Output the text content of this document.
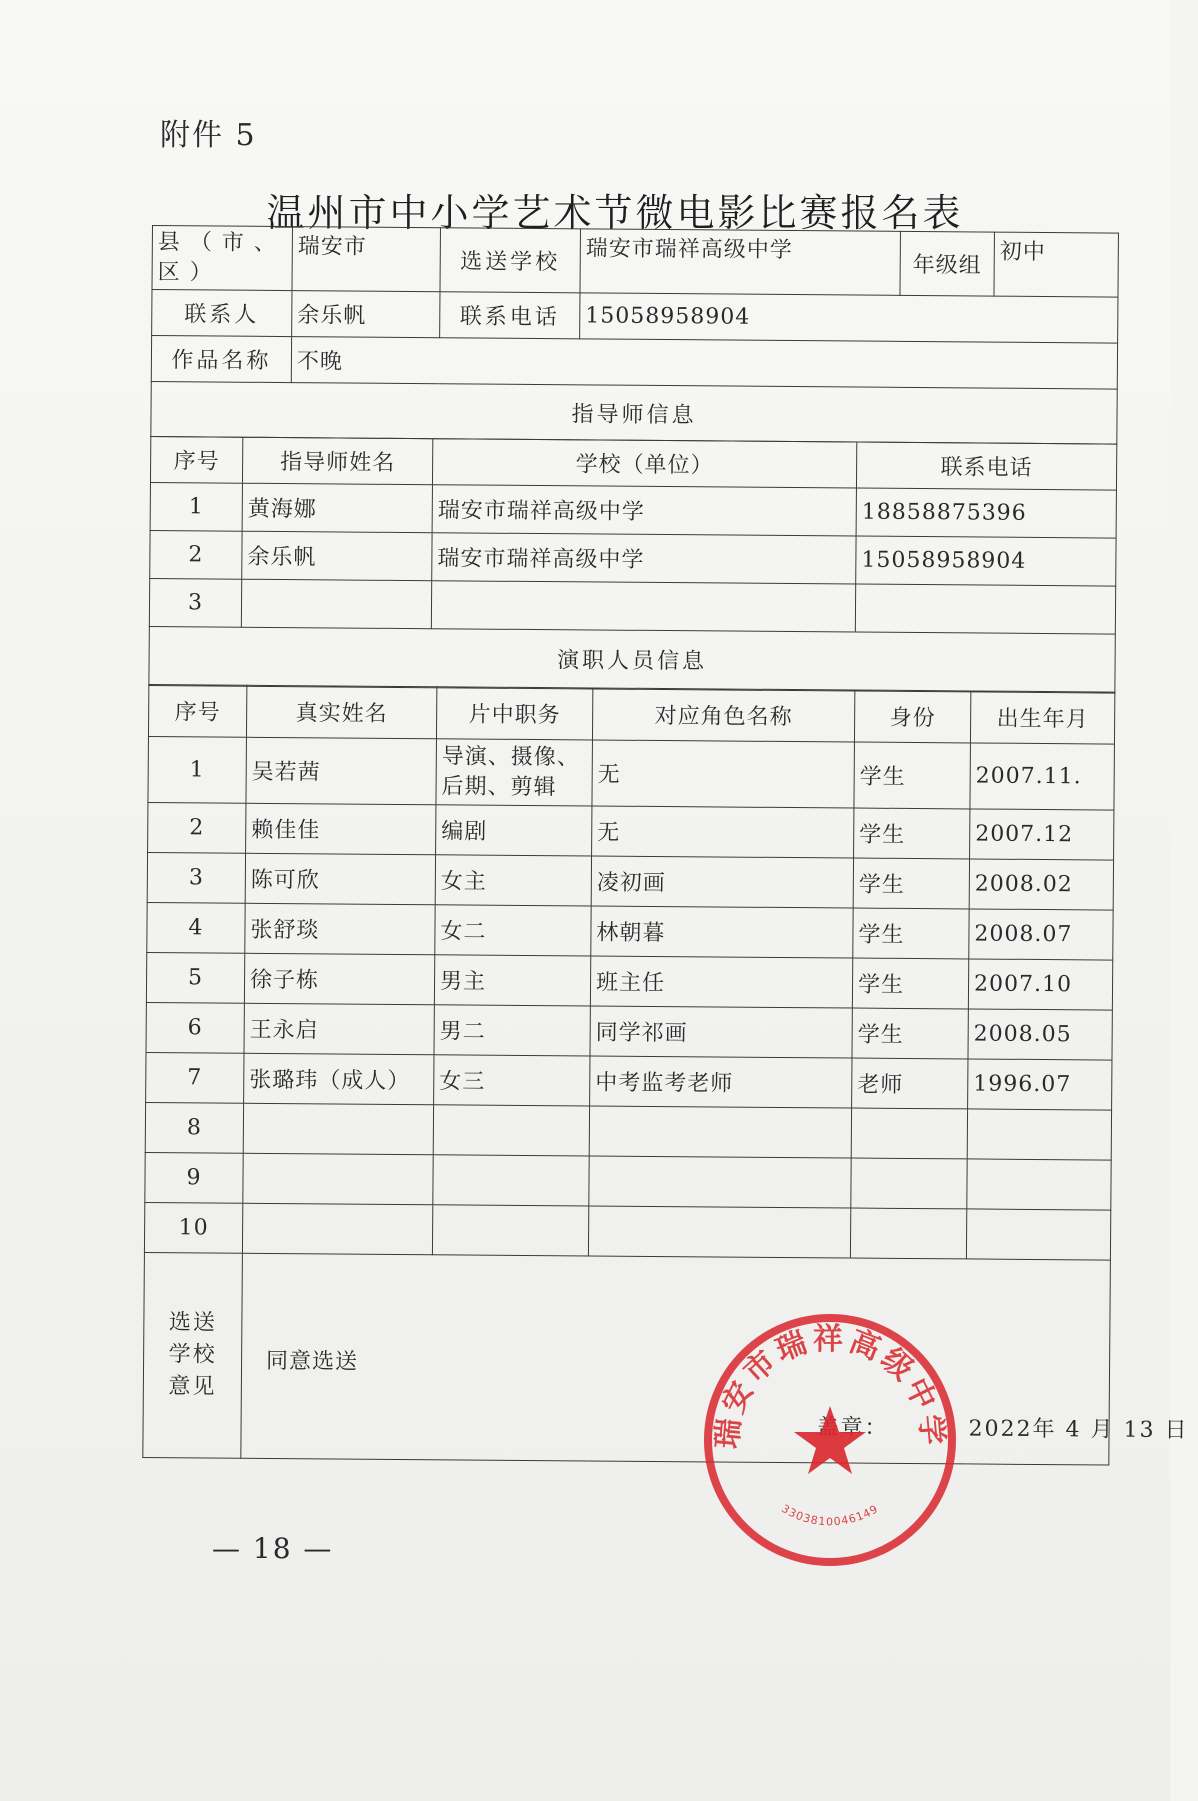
附件 5
温州市中小学艺术节微电影比赛报名表
县（市、区）	瑞安市	选送学校	瑞安市瑞祥高级中学	年级组	初中
联系人	余乐帆	联系电话	15058958904		
作品名称	不晚				
指导师信息					
序号	指导师姓名	学校（单位）	联系电话
1	黄海娜	瑞安市瑞祥高级中学	18858875396
2	余乐帆	瑞安市瑞祥高级中学	15058958904
3			
演职人员信息			
序号	真实姓名	片中职务	对应角色名称	身份	出生年月
1	吴若茜	导演、摄像、后期、剪辑	无	学生	2007.11.
2	赖佳佳	编剧	无	学生	2007.12
3	陈可欣	女主	凌初画	学生	2008.02
4	张舒琰	女二	林朝暮	学生	2008.07
5	徐子栋	男主	班主任	学生	2007.10
6	王永启	男二	同学祁画	学生	2008.05
7	张璐玮（成人）	女三	中考监考老师	老师	1996.07
8					
9					
10					
选送学校意见	同意选送
盖章： 2022年 4 月 13 日				
瑞安市瑞祥高级中学
3303810046149
— 18 —
